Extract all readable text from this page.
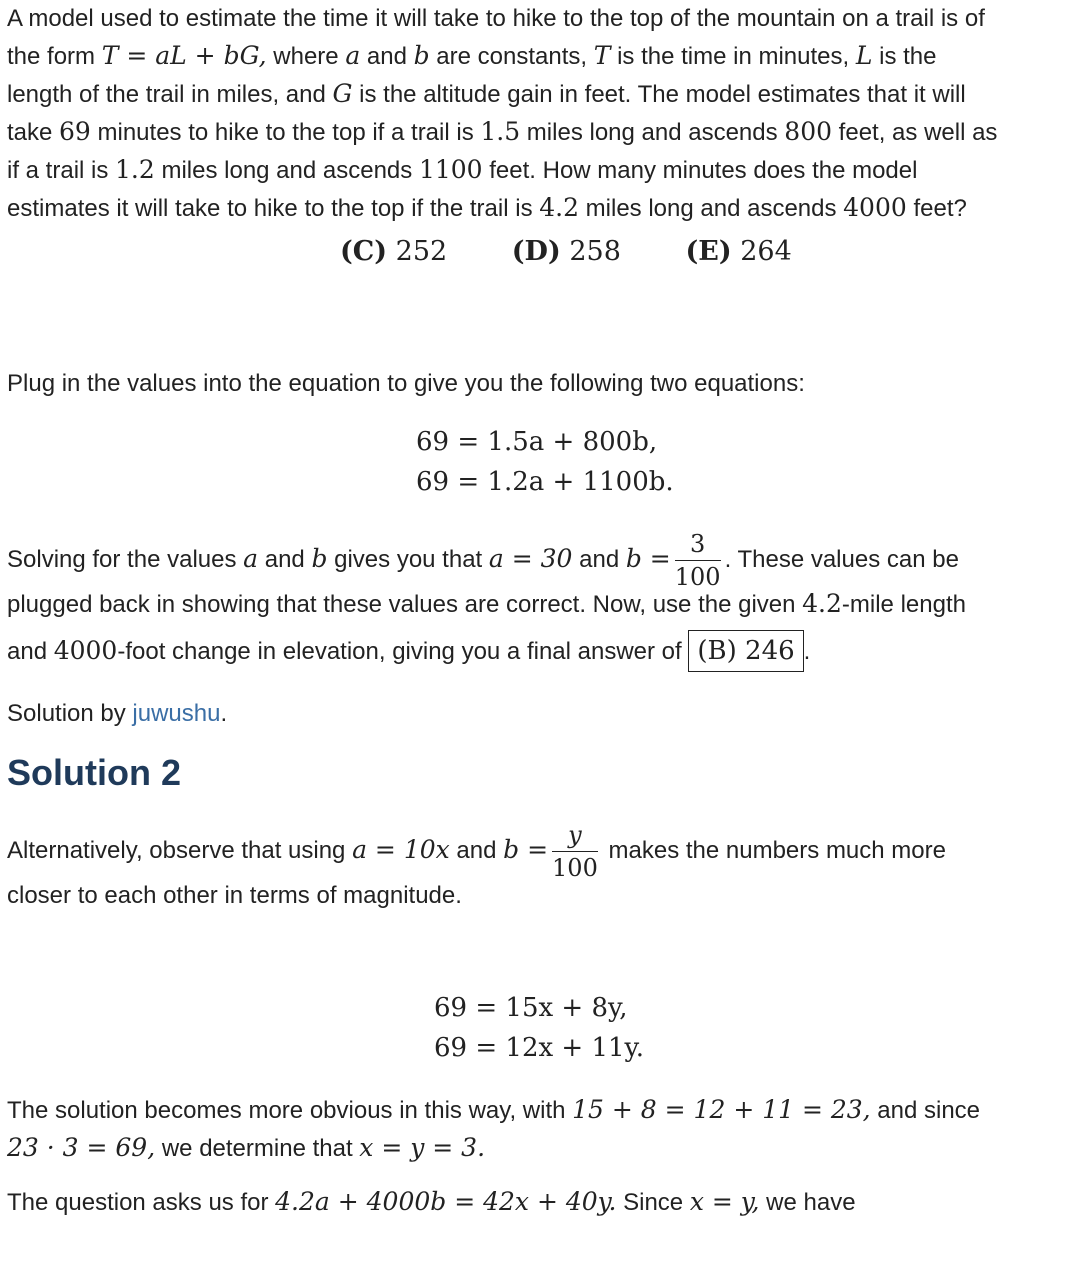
A model used to estimate the time it will take to hike to the top of the mountain on a trail is of

the form T = aL + bG, where a and b are constants, T is the time in minutes, L is the

length of the trail in miles, and G is the altitude gain in feet. The model estimates that it will

take 69 minutes to hike to the top if a trail is 1.5 miles long and ascends 800 feet, as well as

if a trail is 1.2 miles long and ascends 1100 feet. How many minutes does the model

estimates it will take to hike to the top if the trail is 4.2 miles long and ascends 4000 feet?

(C) 252 (D) 258 (E) 264

Plug in the values into the equation to give you the following two equations:

69 = 1.5a + 800b,
69 = 1.2a + 1100b.

Solving for the values a and b gives you that a = 30 and $b = \frac{3}{100}$ . These values can be

plugged back in showing that these values are correct. Now, use the given 4.2-mile length

and 4000-foot change in elevation, giving you a final answer of (B) 246 .

Solution by juwushu.

Solution 2

Alternatively, observe that using a = 10x and $b = \frac{y}{100}$ makes the numbers much more

closer to each other in terms of magnitude.

69 = 15x + 8y,
69 = 12x + 11y.

The solution becomes more obvious in this way, with 15 + 8 = 12 + 11 = 23, and since

23 · 3 = 69, we determine that x = y = 3.

The question asks us for 4.2a + 4000b = 42x + 40y. Since x = y, we have
